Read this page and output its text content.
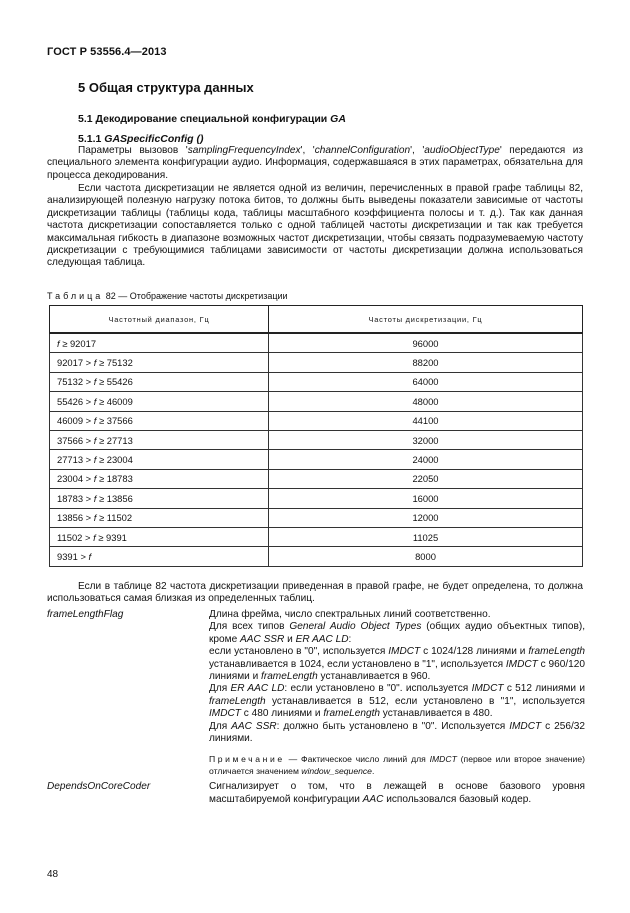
ГОСТ Р 53556.4—2013
5 Общая структура данных
5.1 Декодирование специальной конфигурации GA
5.1.1 GASpecificConfig ()

Параметры вызовов 'samplingFrequencyIndex', 'channelConfiguration', 'audioObjectType' передаются из специального элемента конфигурации аудио. Информация, содержавшаяся в этих параметрах, обязательна для процесса декодирования.

Если частота дискретизации не является одной из величин, перечисленных в правой графе таблицы 82, анализирующей полезную нагрузку потока битов, то должны быть выведены показатели зависимые от частоты дискретизации таблицы (таблицы кода, таблицы масштабного коэффициента полосы и т. д.). Так как данная частота дискретизации сопоставляется только с одной таблицей частоты дискретизации и так как требуется максимальная гибкость в диапазоне возможных частот дискретизации, чтобы связать подразумеваемую частоту дискретизации с требующимися таблицами зависимости от частоты дискретизации должна использоваться следующая таблица.

Таблица 82 — Отображение частоты дискретизации
Частотный диапазон, Гц	Частоты дискретизации, Гц
f ≥ 92017	96000
92017 > f ≥ 75132	88200
75132 > f ≥ 55426	64000
55426 > f ≥ 46009	48000
46009 > f ≥ 37566	44100
37566 > f ≥ 27713	32000
27713 > f ≥ 23004	24000
23004 > f ≥ 18783	22050
18783 > f ≥ 13856	16000
13856 > f ≥ 11502	12000
11502 > f ≥ 9391	11025
9391 > f	8000

Если в таблице 82 частота дискретизации приведенная в правой графе, не будет определена, то должна использоваться самая близкая из определенных таблиц.

frameLengthFlag	Длина фрейма, число спектральных линий соответственно.

Для всех типов General Audio Object Types (общих аудио объектных типов), кроме AAC SSR и ER AAC LD:

если установлено в "0", используется IMDCT с 1024/128 линиями и frameLength устанавливается в 1024, если установлено в "1", используется IMDCT с 960/120 линиями и frameLength устанавливается в 960.

Для ER AAC LD: если установлено в "0". используется IMDCT с 512 линиями и frameLength устанавливается в 512, если установлено в "1", используется IMDCT с 480 линиями и frameLength устанавливается в 480.

Для AAC SSR: должно быть установлено в "0". Используется IMDCT с 256/32 линиями.

Примечание — Фактическое число линий для IMDCT (первое или второе значение) отличается значением window_sequence.

DependsOnCoreCoder	Сигнализирует о том, что в лежащей в основе базового уровня масштабируемой конфигурации AAC использовался базовый кодер.

48
